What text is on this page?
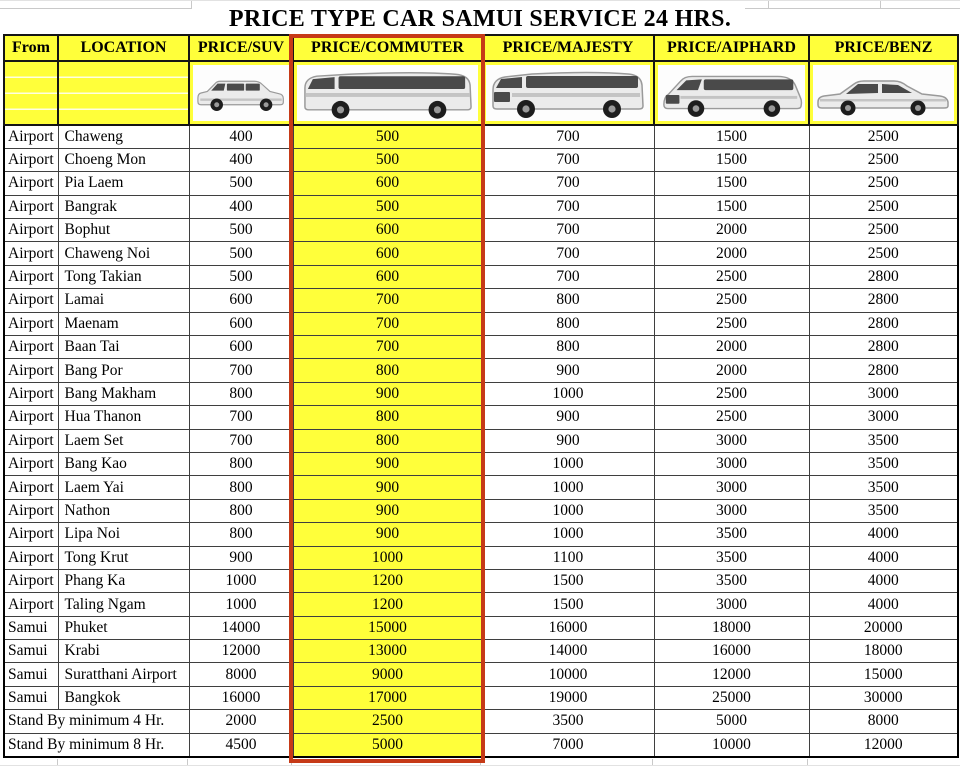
PRICE TYPE CAR SAMUI SERVICE 24 HRS.
From	LOCATION	PRICE/SUV	PRICE/COMMUTER	PRICE/MAJESTY	PRICE/AIPHARD	PRICE/BENZ

Airport	Chaweng	400	500	700	1500	2500
Airport	Choeng Mon	400	500	700	1500	2500
Airport	Pia Laem	500	600	700	1500	2500
Airport	Bangrak	400	500	700	1500	2500
Airport	Bophut	500	600	700	2000	2500
Airport	Chaweng Noi	500	600	700	2000	2500
Airport	Tong Takian	500	600	700	2500	2800
Airport	Lamai	600	700	800	2500	2800
Airport	Maenam	600	700	800	2500	2800
Airport	Baan Tai	600	700	800	2000	2800
Airport	Bang Por	700	800	900	2000	2800
Airport	Bang Makham	800	900	1000	2500	3000
Airport	Hua Thanon	700	800	900	2500	3000
Airport	Laem Set	700	800	900	3000	3500
Airport	Bang Kao	800	900	1000	3000	3500
Airport	Laem Yai	800	900	1000	3000	3500
Airport	Nathon	800	900	1000	3000	3500
Airport	Lipa Noi	800	900	1000	3500	4000
Airport	Tong Krut	900	1000	1100	3500	4000
Airport	Phang Ka	1000	1200	1500	3500	4000
Airport	Taling Ngam	1000	1200	1500	3000	4000
Samui	Phuket	14000	15000	16000	18000	20000
Samui	Krabi	12000	13000	14000	16000	18000
Samui	Suratthani Airport	8000	9000	10000	12000	15000
Samui	Bangkok	16000	17000	19000	25000	30000
Stand By minimum 4 Hr.		2000	2500	3500	5000	8000
Stand By minimum 8 Hr.		4500	5000	7000	10000	12000
